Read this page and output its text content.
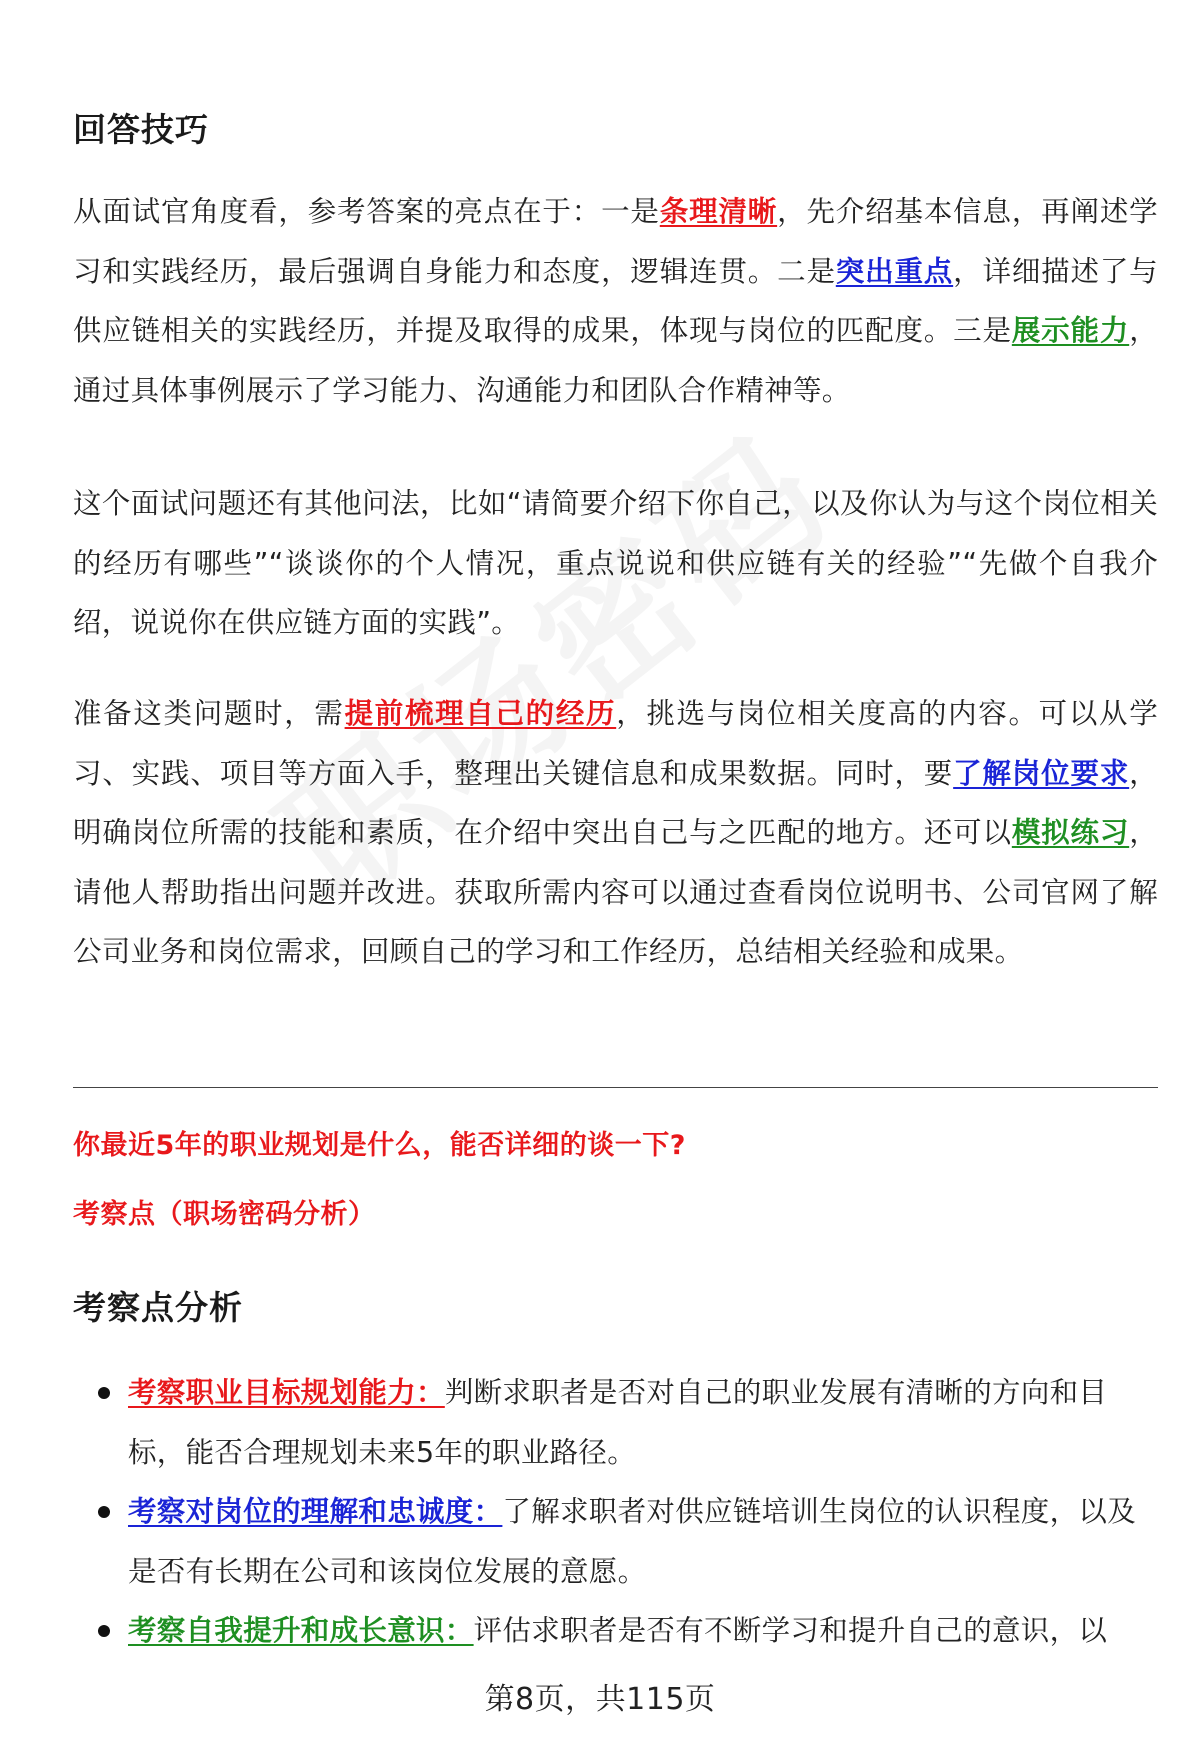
回答技巧

从面试官角度看，参考答案的亮点在于：一是条理清晰，先介绍基本信息，再阐述学习和实践经历，最后强调自身能力和态度，逻辑连贯。二是突出重点，详细描述了与供应链相关的实践经历，并提及取得的成果，体现与岗位的匹配度。三是展示能力，通过具体事例展示了学习能力、沟通能力和团队合作精神等。

这个面试问题还有其他问法，比如“请简要介绍下你自己，以及你认为与这个岗位相关的经历有哪些”“谈谈你的个人情况，重点说说和供应链有关的经验”“先做个自我介绍，说说你在供应链方面的实践”。

准备这类问题时，需提前梳理自己的经历，挑选与岗位相关度高的内容。可以从学习、实践、项目等方面入手，整理出关键信息和成果数据。同时，要了解岗位要求，明确岗位所需的技能和素质，在介绍中突出自己与之匹配的地方。还可以模拟练习，请他人帮助指出问题并改进。获取所需内容可以通过查看岗位说明书、公司官网了解公司业务和岗位需求，回顾自己的学习和工作经历，总结相关经验和成果。

你最近5年的职业规划是什么，能否详细的谈一下?

考察点（职场密码分析）

考察点分析
考察职业目标规划能力：判断求职者是否对自己的职业发展有清晰的方向和目标，能否合理规划未来5年的职业路径。
考察对岗位的理解和忠诚度：了解求职者对供应链培训生岗位的认识程度，以及是否有长期在公司和该岗位发展的意愿。
考察自我提升和成长意识：评估求职者是否有不断学习和提升自己的意识，以
第8页，共115页
